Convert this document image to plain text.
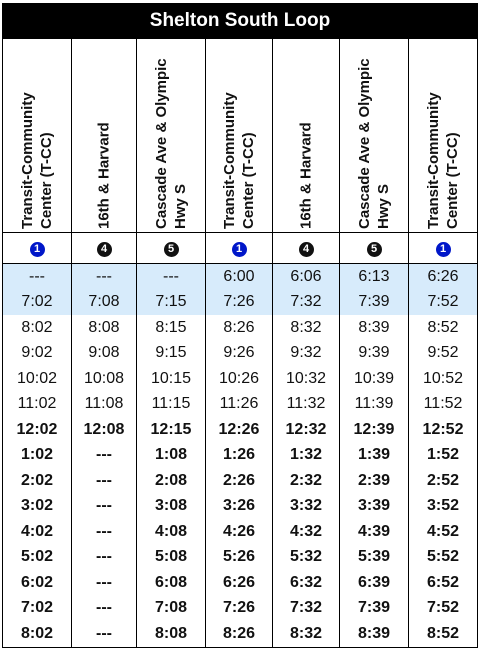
Shelton South Loop						

Transit-Community Center (T-CC)	16th & Harvard	Cascade Ave & Olympic Hwy S	Transit-Community Center (T-CC)	16th & Harvard	Cascade Ave & Olympic Hwy S	Transit-Community Center (T-CC)

1	4	5	1	4	5	1
---	---	---	6:00	6:06	6:13	6:26
7:02	7:08	7:15	7:26	7:32	7:39	7:52
8:02	8:08	8:15	8:26	8:32	8:39	8:52
9:02	9:08	9:15	9:26	9:32	9:39	9:52
10:02	10:08	10:15	10:26	10:32	10:39	10:52
11:02	11:08	11:15	11:26	11:32	11:39	11:52
12:02	12:08	12:15	12:26	12:32	12:39	12:52
1:02	---	1:08	1:26	1:32	1:39	1:52
2:02	---	2:08	2:26	2:32	2:39	2:52
3:02	---	3:08	3:26	3:32	3:39	3:52
4:02	---	4:08	4:26	4:32	4:39	4:52
5:02	---	5:08	5:26	5:32	5:39	5:52
6:02	---	6:08	6:26	6:32	6:39	6:52
7:02	---	7:08	7:26	7:32	7:39	7:52
8:02	---	8:08	8:26	8:32	8:39	8:52
